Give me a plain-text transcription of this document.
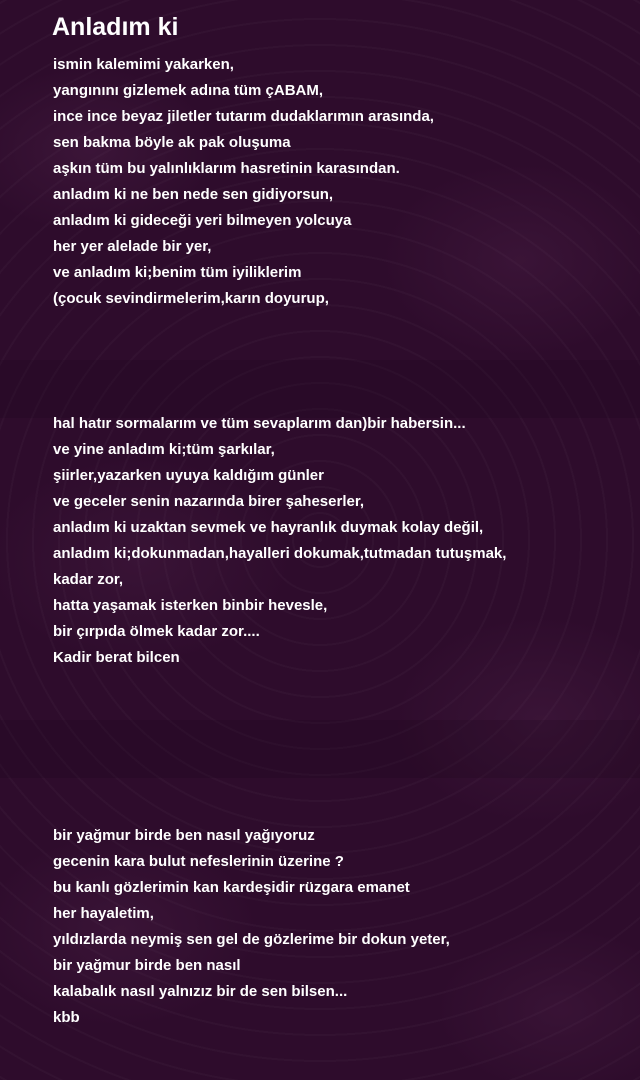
Anladım ki
ismin kalemimi yakarken,
yangınını gizlemek adına tüm çABAM,
ince ince beyaz jiletler tutarım dudaklarımın arasında,
sen bakma böyle ak pak oluşuma
aşkın tüm bu yalınlıklarım hasretinin karasından.
anladım ki ne ben nede sen gidiyorsun,
anladım ki gideceği yeri bilmeyen yolcuya
her yer alelade bir yer,
ve anladım ki;benim tüm iyiliklerim
(çocuk sevindirmelerim,karın doyurup,
hal hatır sormalarım ve tüm sevaplarım dan)bir habersin...
ve yine anladım ki;tüm şarkılar,
şiirler,yazarken uyuya kaldığım günler
ve geceler senin nazarında birer şaheserler,
anladım ki uzaktan sevmek ve hayranlık duymak kolay değil,
anladım ki;dokunmadan,hayalleri dokumak,tutmadan tutuşmak,
kadar zor,
hatta yaşamak isterken binbir hevesle,
bir çırpıda ölmek kadar zor....
Kadir berat bilcen
bir yağmur birde ben nasıl yağıyoruz
gecenin kara bulut nefeslerinin üzerine ?
bu kanlı gözlerimin kan kardeşidir rüzgara emanet
her hayaletim,
yıldızlarda neymiş sen gel de gözlerime bir dokun yeter,
bir yağmur birde ben nasıl
kalabalık nasıl yalnızız bir de sen bilsen...
kbb
